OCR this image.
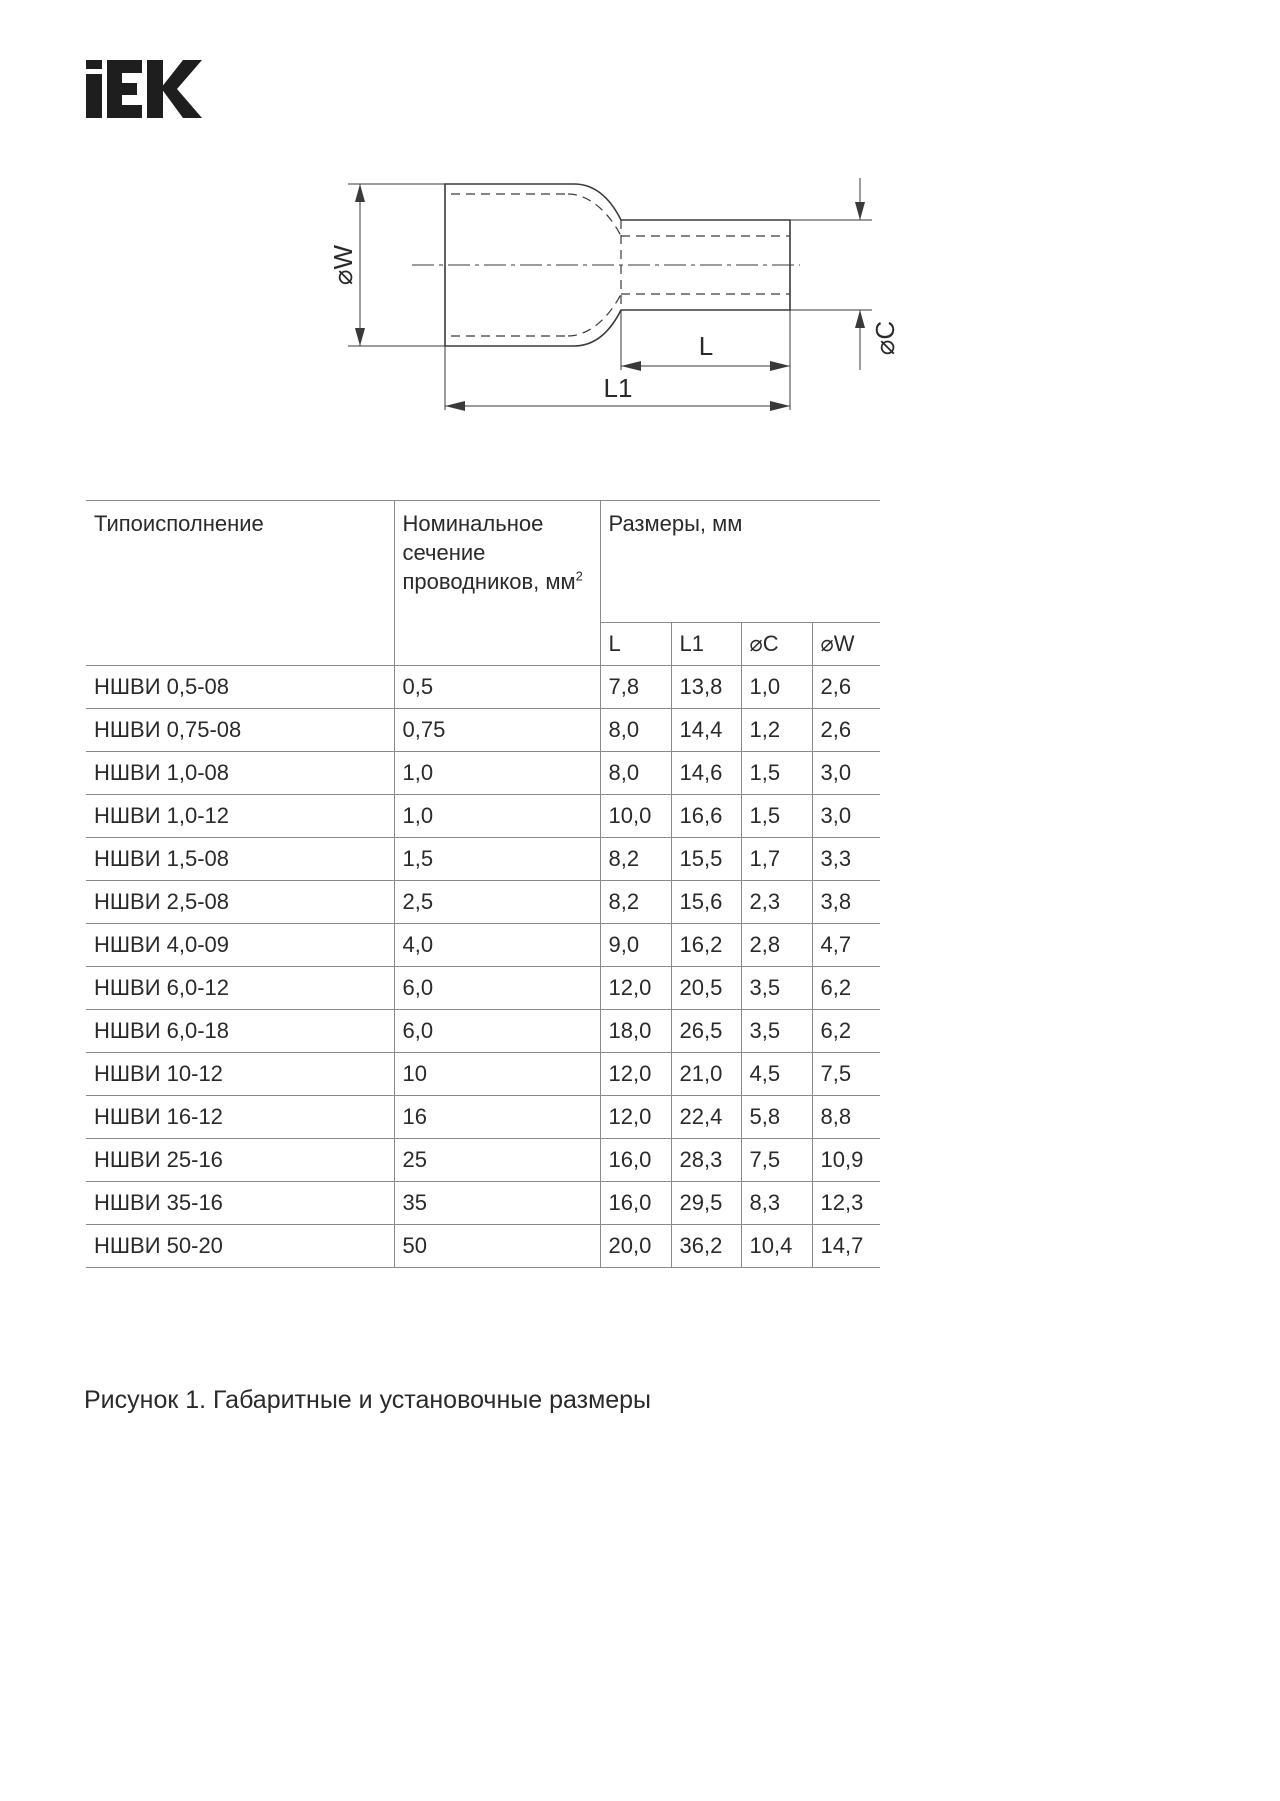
⌀W
⌀C
L
L1
Типоисполнение	Номинальное сечение проводников, $мм^2$	Размеры, мм			
		L	L1	⌀C	⌀W
НШВИ 0,5-08	0,5	7,8	13,8	1,0	2,6
НШВИ 0,75-08	0,75	8,0	14,4	1,2	2,6
НШВИ 1,0-08	1,0	8,0	14,6	1,5	3,0
НШВИ 1,0-12	1,0	10,0	16,6	1,5	3,0
НШВИ 1,5-08	1,5	8,2	15,5	1,7	3,3
НШВИ 2,5-08	2,5	8,2	15,6	2,3	3,8
НШВИ 4,0-09	4,0	9,0	16,2	2,8	4,7
НШВИ 6,0-12	6,0	12,0	20,5	3,5	6,2
НШВИ 6,0-18	6,0	18,0	26,5	3,5	6,2
НШВИ 10-12	10	12,0	21,0	4,5	7,5
НШВИ 16-12	16	12,0	22,4	5,8	8,8
НШВИ 25-16	25	16,0	28,3	7,5	10,9
НШВИ 35-16	35	16,0	29,5	8,3	12,3
НШВИ 50-20	50	20,0	36,2	10,4	14,7
Рисунок 1. Габаритные и установочные размеры
